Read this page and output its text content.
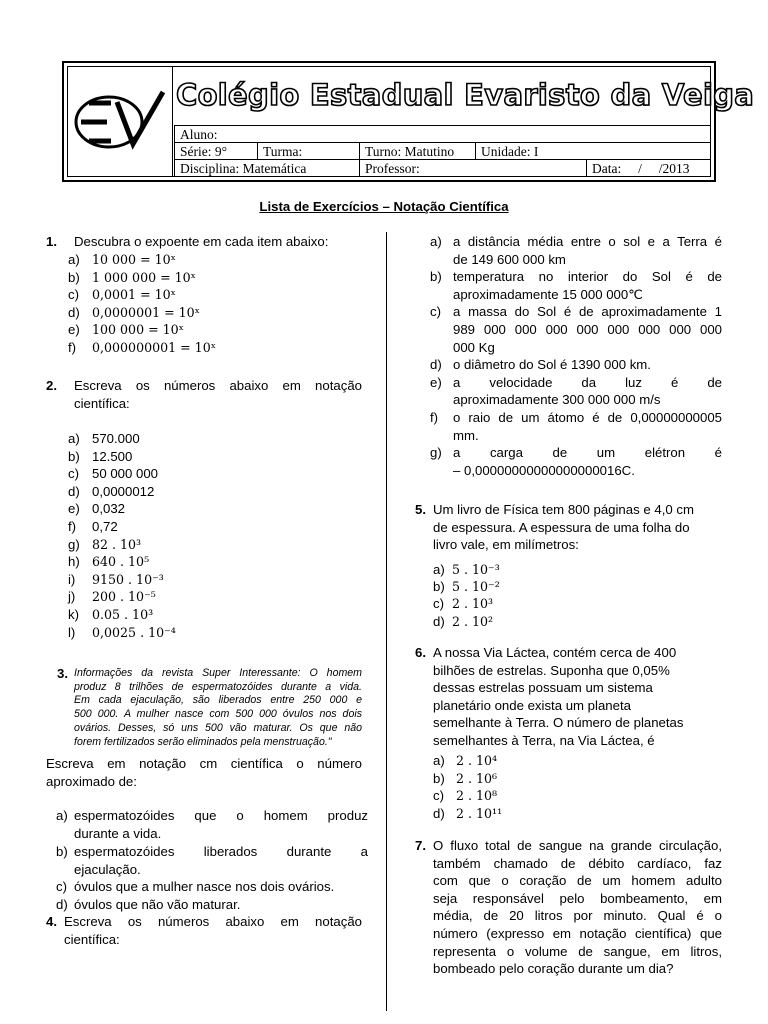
Colégio Estadual Evaristo da Veiga
Aluno:
Série: 9°	Turma:	Turno: Matutino	Unidade: I
Disciplina: Matemática	Professor:	Data:     /     /2013
Lista de Exercícios – Notação Científica
1. Descubra o expoente em cada item abaixo:
a) 10 000 = 10ˣ
b) 1 000 000 = 10ˣ
c) 0,0001 = 10ˣ
d) 0,0000001 = 10ˣ
e) 100 000 = 10ˣ
f) 0,000000001 = 10ˣ
2. Escreva os números abaixo em notação
científica:
a) 570.000
b) 12.500
c) 50 000 000
d) 0,0000012
e) 0,032
f) 0,72
g) 82 . 10³
h) 640 . 10⁵
i) 9150 . 10⁻³
j) 200 . 10⁻⁵
k) 0.05 . 10³
l) 0,0025 . 10⁻⁴
3. Informações da revista Super Interessante: O homem
produz 8 trilhões de espermatozóides durante a vida.
Em cada ejaculação, são liberados entre 250 000 e
500 000. A mulher nasce com 500 000 óvulos nos dois
ovários. Desses, só uns 500 vão maturar. Os que não
forem fertilizados serão eliminados pela menstruação."
Escreva em notação cm científica o número
aproximado de:
a) espermatozóides que o homem produz
durante a vida.
b) espermatozóides liberados durante a
ejaculação.
c) óvulos que a mulher nasce nos dois ovários.
d) óvulos que não vão maturar.
4. Escreva os números abaixo em notação
científica:
a) a distância média entre o sol e a Terra é
de 149 600 000 km
b) temperatura no interior do Sol é de
aproximadamente 15 000 000℃
c) a massa do Sol é de aproximadamente 1
989 000 000 000 000 000 000 000 000
000 Kg
d) o diâmetro do Sol é 1390 000 km.
e) a velocidade da luz é de
aproximadamente 300 000 000 m/s
f) o raio de um átomo é de 0,00000000005
mm.
g) a carga de um elétron é
– 0,00000000000000000016C.
5. Um livro de Física tem 800 páginas e 4,0 cm
de espessura. A espessura de uma folha do
livro vale, em milímetros:
a) 5 . 10⁻³
b) 5 . 10⁻²
c) 2 . 10³
d) 2 . 10²
6. A nossa Via Láctea, contém cerca de 400
bilhões de estrelas. Suponha que 0,05%
dessas estrelas possuam um sistema
planetário onde exista um planeta
semelhante à Terra. O número de planetas
semelhantes à Terra, na Via Láctea, é
a) 2 . 10⁴
b) 2 . 10⁶
c) 2 . 10⁸
d) 2 . 10¹¹
7. O fluxo total de sangue na grande circulação,
também chamado de débito cardíaco, faz
com que o coração de um homem adulto
seja responsável pelo bombeamento, em
média, de 20 litros por minuto. Qual é o
número (expresso em notação científica) que
representa o volume de sangue, em litros,
bombeado pelo coração durante um dia?
